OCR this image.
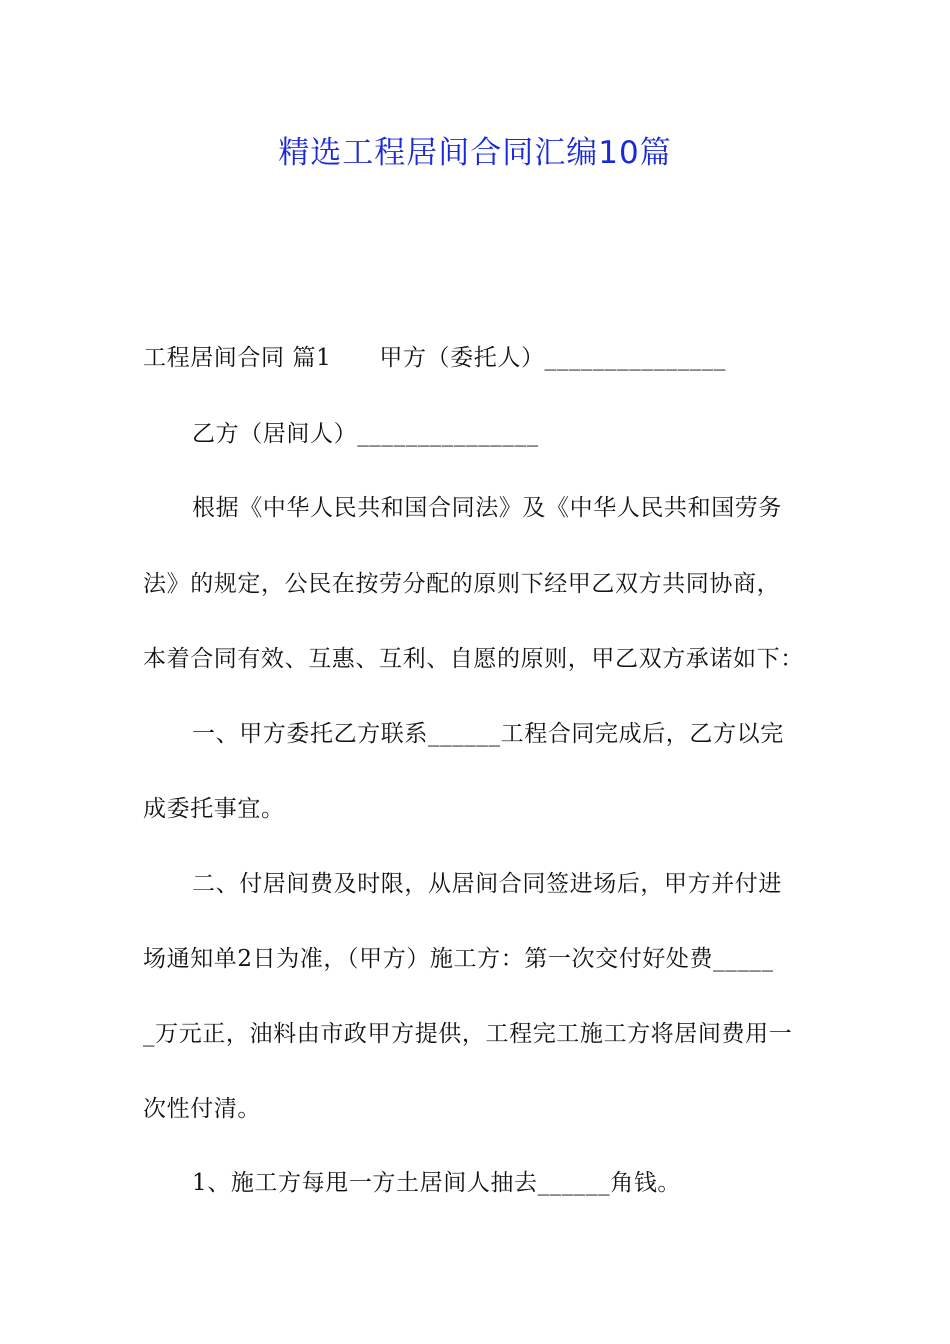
精选工程居间合同汇编10篇
工程居间合同 篇1 甲方（委托人）_______________
乙方（居间人）_______________
根据《中华人民共和国合同法》及《中华人民共和国劳务
法》的规定，公民在按劳分配的原则下经甲乙双方共同协商，
本着合同有效、互惠、互利、自愿的原则，甲乙双方承诺如下：
一、甲方委托乙方联系______工程合同完成后，乙方以完
成委托事宜。
二、付居间费及时限，从居间合同签进场后，甲方并付进
场通知单2日为准，（甲方）施工方：第一次交付好处费_____
_万元正，油料由市政甲方提供，工程完工施工方将居间费用一
次性付清。
1、施工方每甩一方土居间人抽去______角钱。
